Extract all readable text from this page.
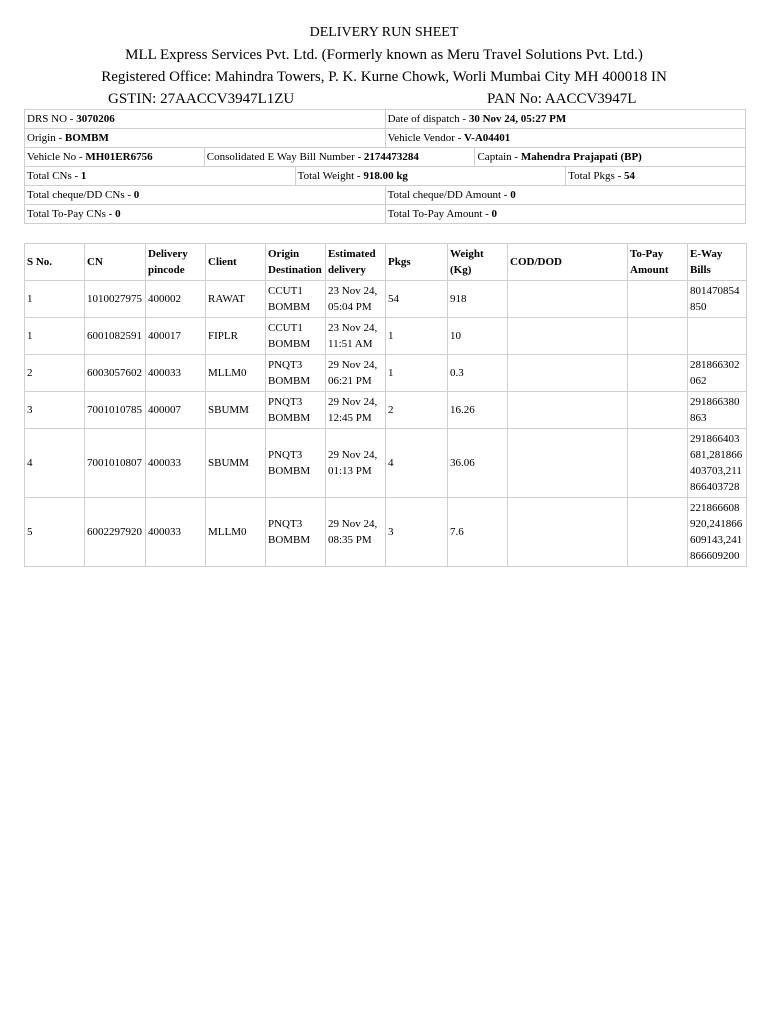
DELIVERY RUN SHEET
MLL Express Services Pvt. Ltd. (Formerly known as Meru Travel Solutions Pvt. Ltd.)
Registered Office: Mahindra Towers, P. K. Kurne Chowk, Worli Mumbai City MH 400018 IN
GSTIN: 27AACCV3947L1ZU	PAN No: AACCV3947L
DRS NO - 3070206			Date of dispatch - 30 Nov 24, 05:27 PM		
Origin - BOMBM			Vehicle Vendor - V-A04401		
Vehicle No - MH01ER6756	Consolidated E Way Bill Number - 2174473284			Captain - Mahendra Prajapati (BP)	
Total CNs - 1		Total Weight - 918.00 kg			Total Pkgs - 54
Total cheque/DD CNs - 0			Total cheque/DD Amount - 0		
Total To-Pay CNs - 0			Total To-Pay Amount - 0		
S No.	CN	Delivery
pincode	Client	Origin
Destination	Estimated
delivery	Pkgs	Weight
(Kg)	COD/DOD	To-Pay
Amount	E-Way
Bills
1	1010027975	400002	RAWAT	CCUT1
BOMBM	23 Nov 24,
05:04 PM	54	918			801470854850
1	6001082591	400017	FIPLR	CCUT1
BOMBM	23 Nov 24,
11:51 AM	1	10			
2	6003057602	400033	MLLM0	PNQT3
BOMBM	29 Nov 24,
06:21 PM	1	0.3			281866302062
3	7001010785	400007	SBUMM	PNQT3
BOMBM	29 Nov 24,
12:45 PM	2	16.26			291866380863
4	7001010807	400033	SBUMM	PNQT3
BOMBM	29 Nov 24,
01:13 PM	4	36.06			291866403681,281866403703,211866403728
5	6002297920	400033	MLLM0	PNQT3
BOMBM	29 Nov 24,
08:35 PM	3	7.6			221866608920,241866609143,241866609200
